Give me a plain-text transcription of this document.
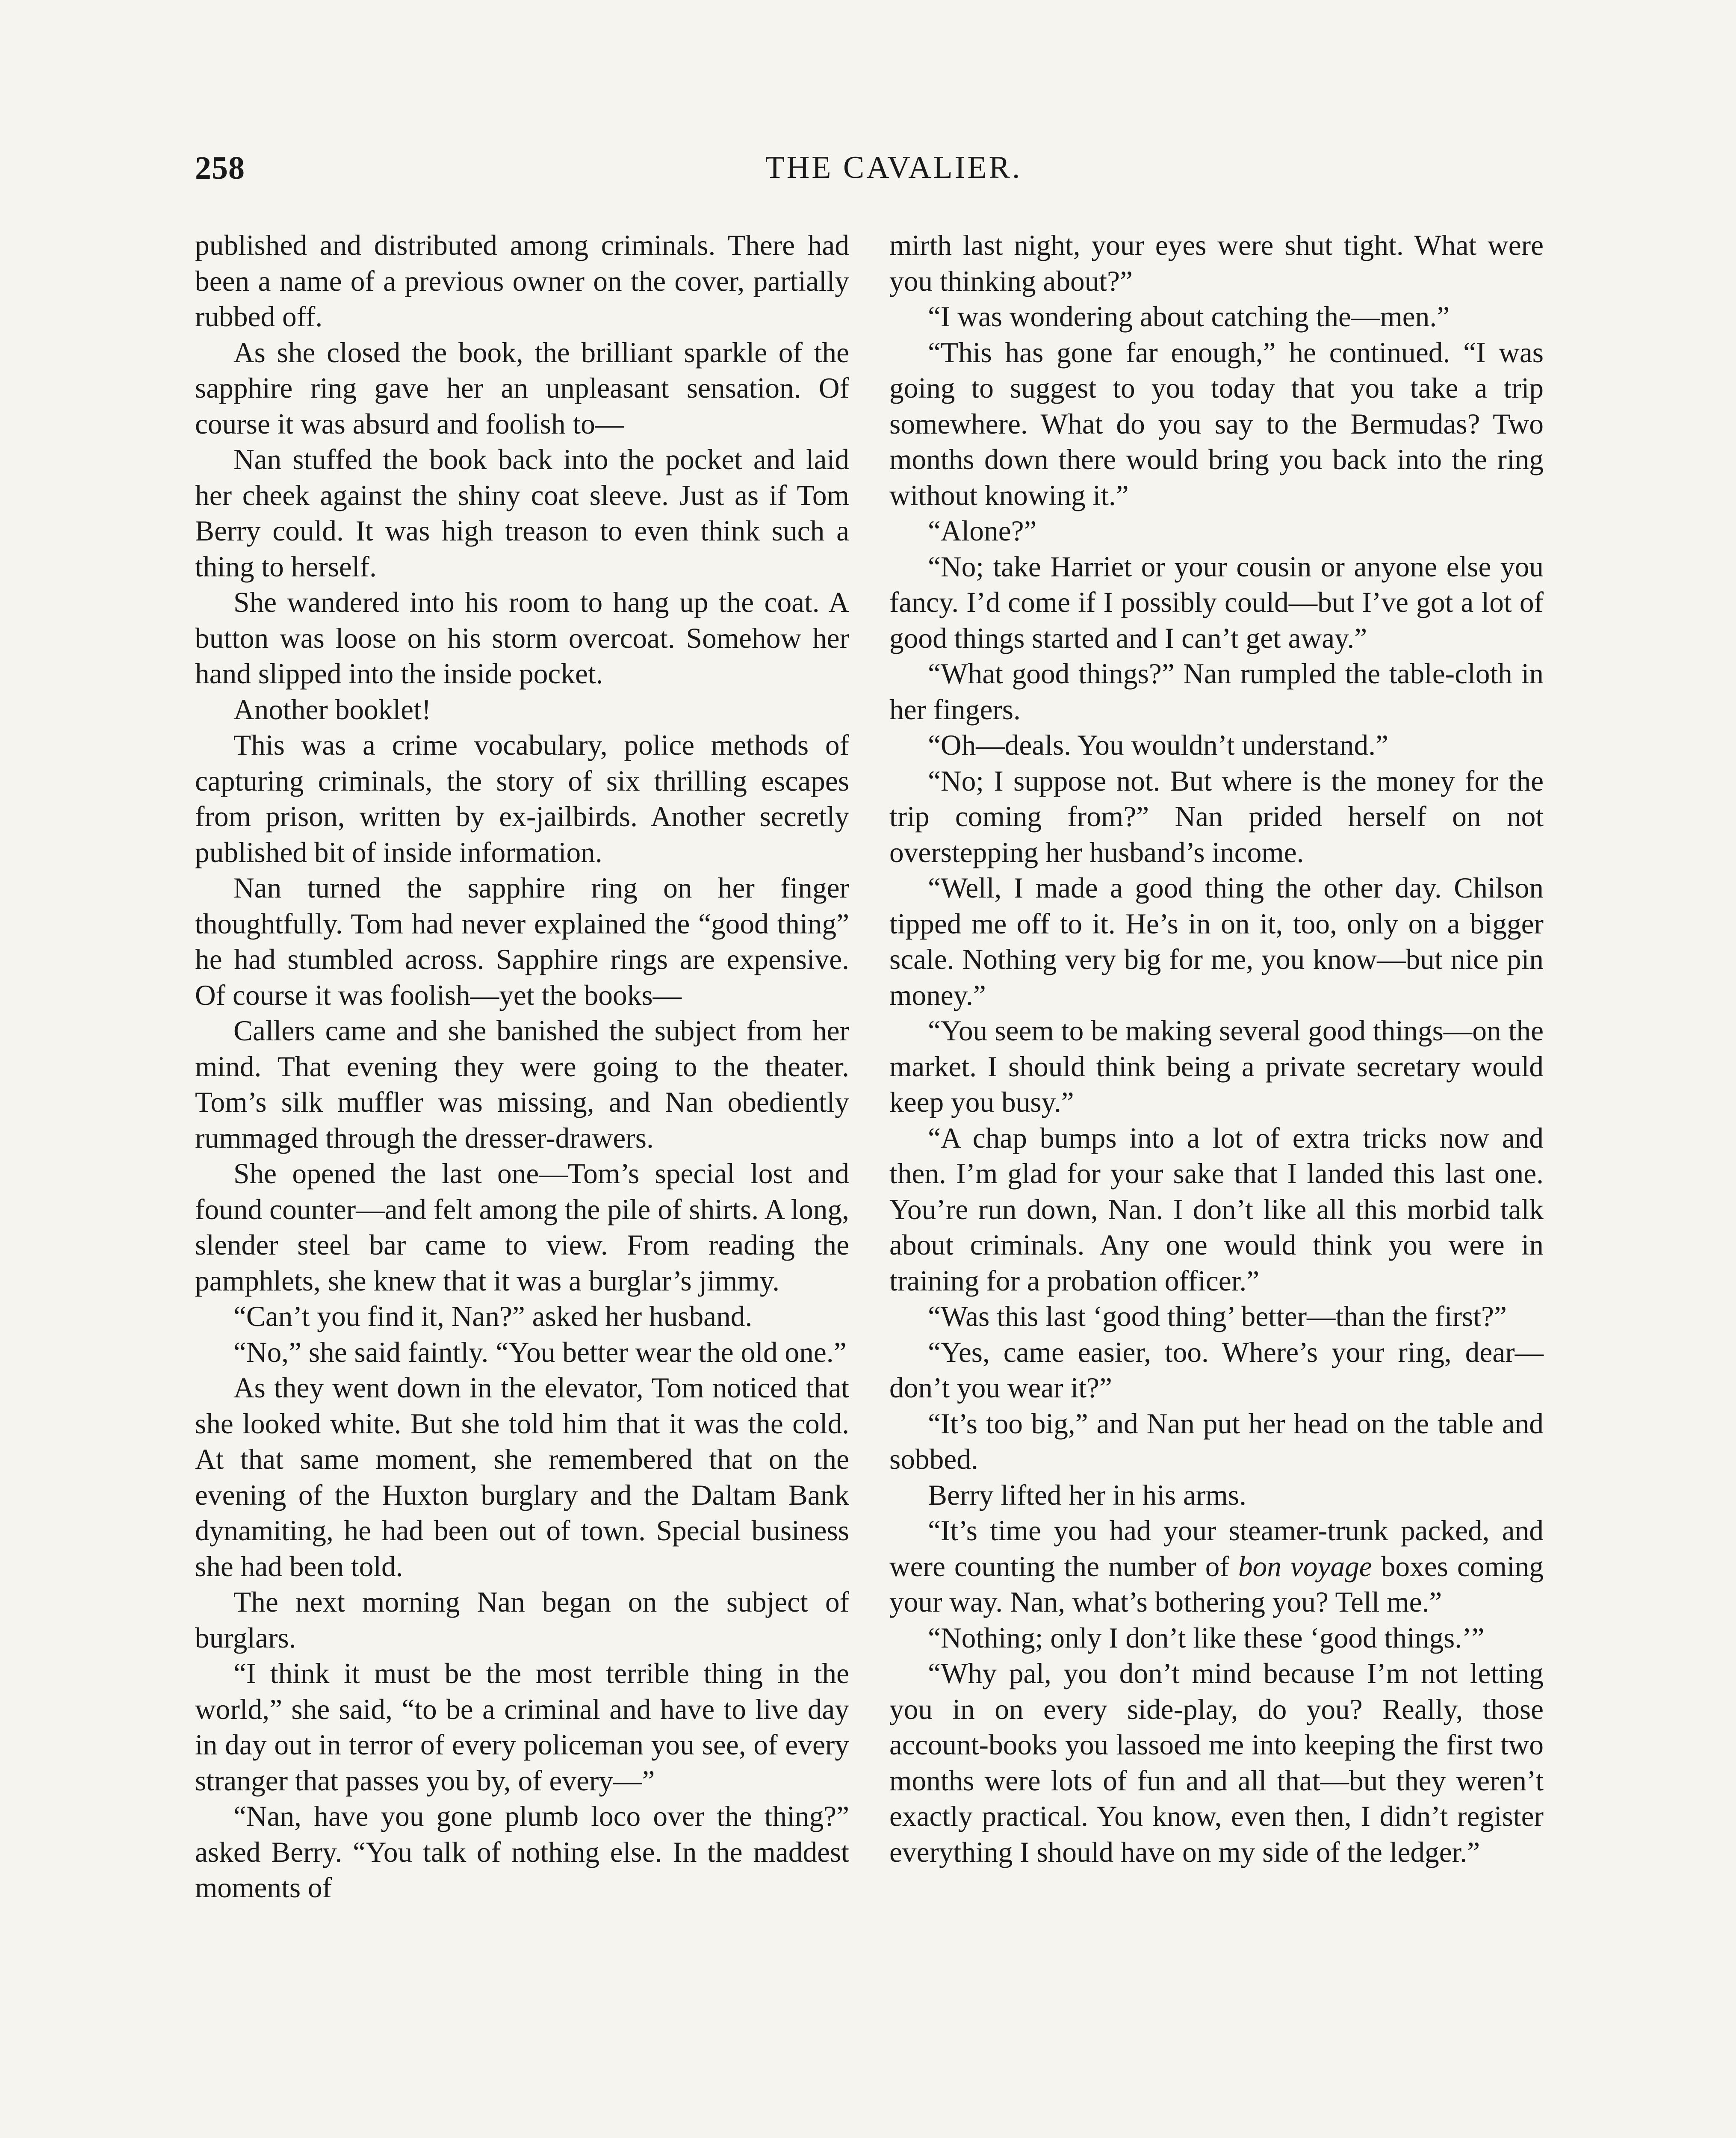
258	THE CAVALIER.

published and distributed among criminals. There had been a name of a previous owner on the cover, partially rubbed off.

As she closed the book, the brilliant sparkle of the sapphire ring gave her an unpleasant sensation. Of course it was absurd and foolish to—

Nan stuffed the book back into the pocket and laid her cheek against the shiny coat sleeve. Just as if Tom Berry could. It was high treason to even think such a thing to herself.

She wandered into his room to hang up the coat. A button was loose on his storm overcoat. Somehow her hand slipped into the inside pocket.

Another booklet!

This was a crime vocabulary, police methods of capturing criminals, the story of six thrilling escapes from prison, written by ex-jailbirds. Another secretly published bit of inside information.

Nan turned the sapphire ring on her finger thoughtfully. Tom had never explained the “good thing” he had stumbled across. Sapphire rings are expensive. Of course it was foolish—yet the books—

Callers came and she banished the subject from her mind. That evening they were going to the theater. Tom’s silk muffler was missing, and Nan obediently rummaged through the dresser-drawers.

She opened the last one—Tom’s special lost and found counter—and felt among the pile of shirts. A long, slender steel bar came to view. From reading the pamphlets, she knew that it was a burglar’s jimmy.

“Can’t you find it, Nan?” asked her husband.

“No,” she said faintly. “You better wear the old one.”

As they went down in the elevator, Tom noticed that she looked white. But she told him that it was the cold. At that same moment, she remembered that on the evening of the Huxton burglary and the Daltam Bank dynamiting, he had been out of town. Special business she had been told.

The next morning Nan began on the subject of burglars.

“I think it must be the most terrible thing in the world,” she said, “to be a criminal and have to live day in day out in terror of every policeman you see, of every stranger that passes you by, of every—”

“Nan, have you gone plumb loco over the thing?” asked Berry. “You talk of nothing else. In the maddest moments of

mirth last night, your eyes were shut tight. What were you thinking about?”

“I was wondering about catching the—men.”

“This has gone far enough,” he continued. “I was going to suggest to you today that you take a trip somewhere. What do you say to the Bermudas? Two months down there would bring you back into the ring without knowing it.”

“Alone?”

“No; take Harriet or your cousin or anyone else you fancy. I’d come if I possibly could—but I’ve got a lot of good things started and I can’t get away.”

“What good things?” Nan rumpled the table-cloth in her fingers.

“Oh—deals. You wouldn’t understand.”

“No; I suppose not. But where is the money for the trip coming from?” Nan prided herself on not overstepping her husband’s income.

“Well, I made a good thing the other day. Chilson tipped me off to it. He’s in on it, too, only on a bigger scale. Nothing very big for me, you know—but nice pin money.”

“You seem to be making several good things—on the market. I should think being a private secretary would keep you busy.”

“A chap bumps into a lot of extra tricks now and then. I’m glad for your sake that I landed this last one. You’re run down, Nan. I don’t like all this morbid talk about criminals. Any one would think you were in training for a probation officer.”

“Was this last ‘good thing’ better—than the first?”

“Yes, came easier, too. Where’s your ring, dear—don’t you wear it?”

“It’s too big,” and Nan put her head on the table and sobbed.

Berry lifted her in his arms.

“It’s time you had your steamer-trunk packed, and were counting the number of bon voyage boxes coming your way. Nan, what’s bothering you? Tell me.”

“Nothing; only I don’t like these ‘good things.’”

“Why pal, you don’t mind because I’m not letting you in on every side-play, do you? Really, those account-books you lassoed me into keeping the first two months were lots of fun and all that—but they weren’t exactly practical. You know, even then, I didn’t register everything I should have on my side of the ledger.”
